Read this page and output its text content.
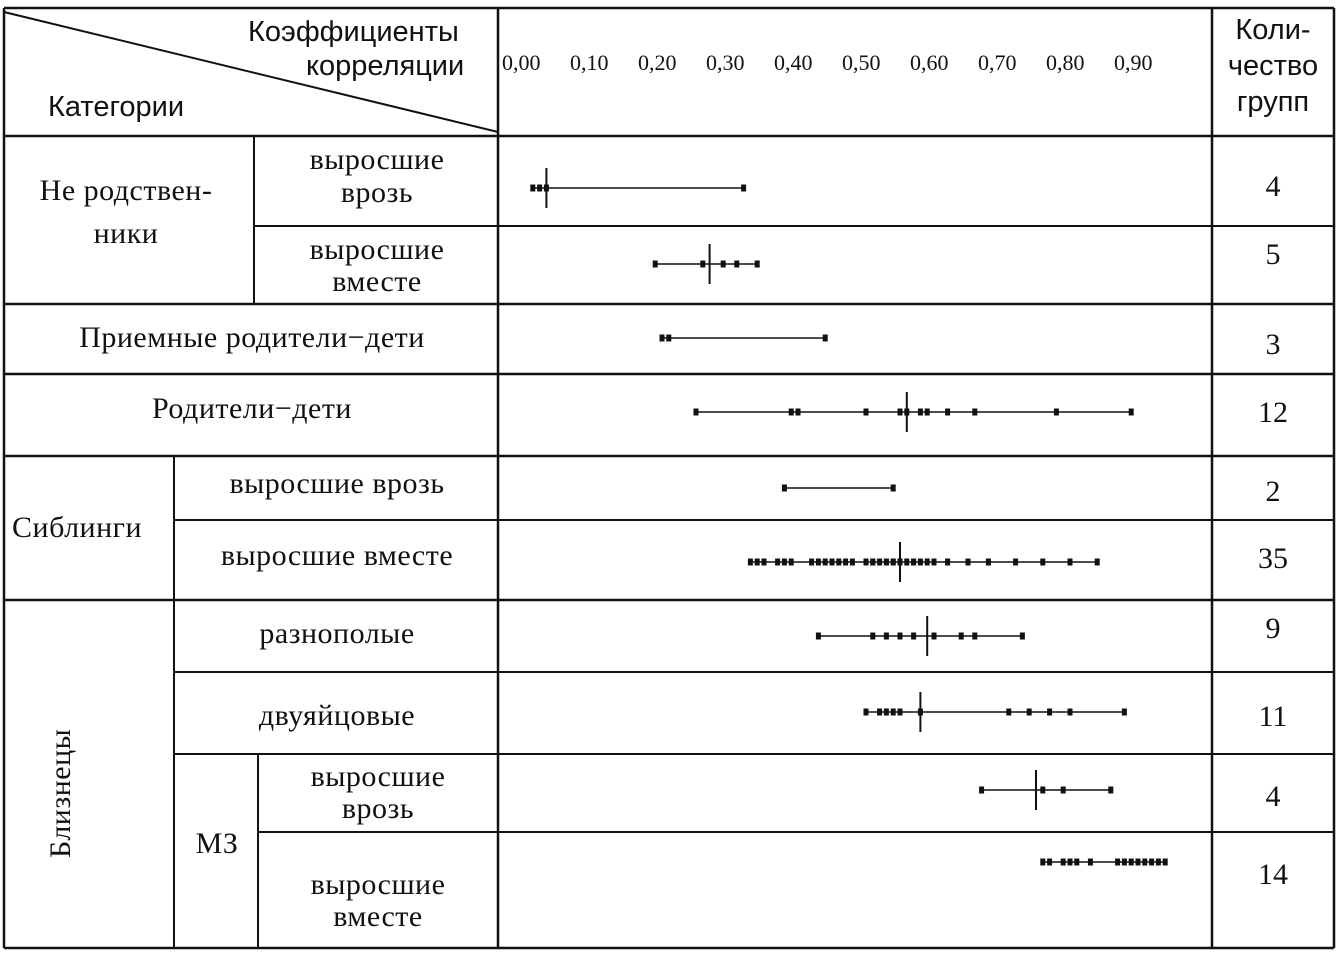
Коэффициенты
корреляции
Категории
Коли-
чество
групп
0,00 0,10 0,20 0,30 0,40 0,50 0,60 0,70 0,80 0,90
Не родствен-
ники
выросшие
врозь
выросшие
вместе
Приемные родители−дети
Родители−дети
Сиблинги
выросшие врозь
выросшие вместе
Близнецы
разнополые
двуяйцовые
МЗ
выросшие
врозь
выросшие
вместе
4
5
3
12
2
35
9
11
4
14
